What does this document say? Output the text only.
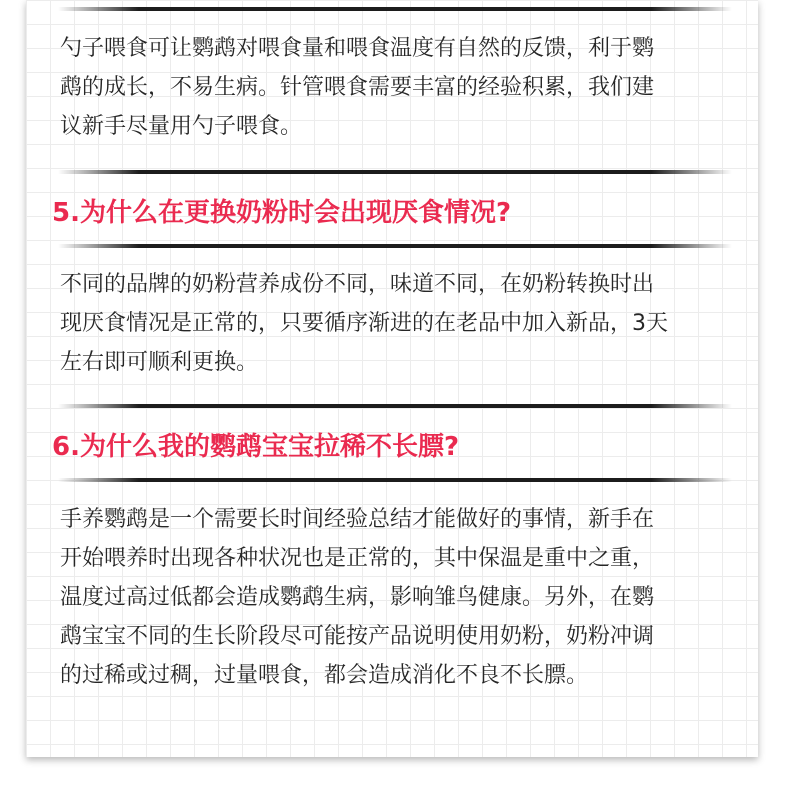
勺子喂食可让鹦鹉对喂食量和喂食温度有自然的反馈，利于鹦

鹉的成长，不易生病。针管喂食需要丰富的经验积累，我们建

议新手尽量用勺子喂食。

5.为什么在更换奶粉时会出现厌食情况?

不同的品牌的奶粉营养成份不同，味道不同，在奶粉转换时出

现厌食情况是正常的，只要循序渐进的在老品中加入新品，3天

左右即可顺利更换。

6.为什么我的鹦鹉宝宝拉稀不长膘?

手养鹦鹉是一个需要长时间经验总结才能做好的事情，新手在

开始喂养时出现各种状况也是正常的，其中保温是重中之重，

温度过高过低都会造成鹦鹉生病，影响雏鸟健康。另外，在鹦

鹉宝宝不同的生长阶段尽可能按产品说明使用奶粉，奶粉冲调

的过稀或过稠，过量喂食，都会造成消化不良不长膘。
